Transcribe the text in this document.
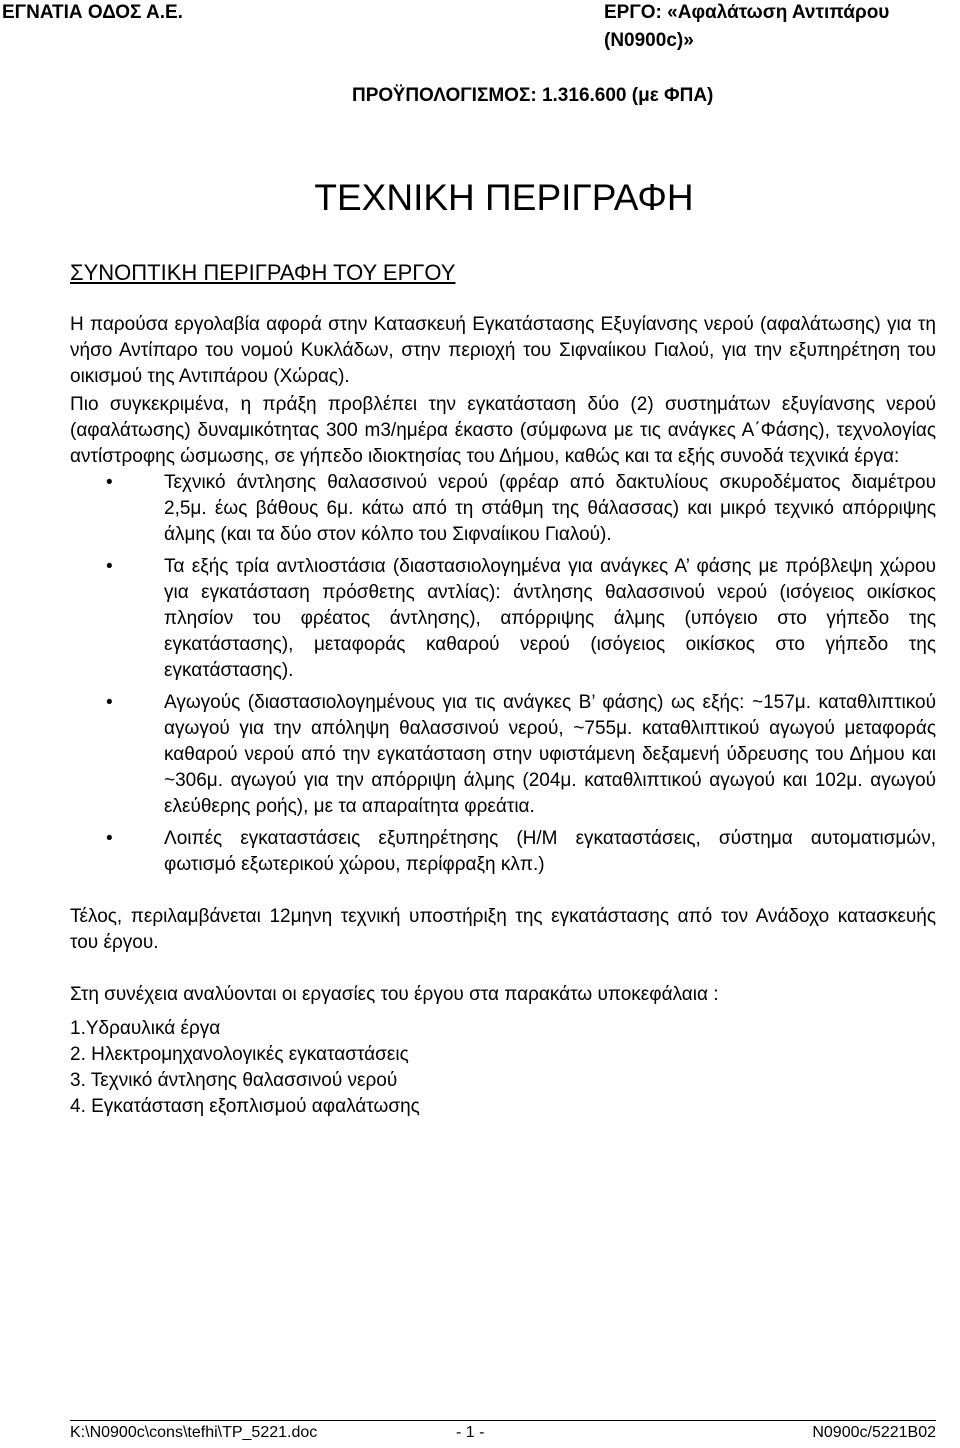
ΕΓΝΑΤΙΑ ΟΔΟΣ Α.Ε.	ΕΡΓΟ: «Αφαλάτωση Αντιπάρου
(Ν0900c)»
ΠΡΟΫΠΟΛΟΓΙΣΜΟΣ: 1.316.600 (με ΦΠΑ)
ΤΕΧΝΙΚΗ ΠΕΡΙΓΡΑΦΗ
ΣΥΝΟΠΤΙΚΗ ΠΕΡΙΓΡΑΦΗ ΤΟΥ ΕΡΓΟΥ

Η παρούσα εργολαβία αφορά στην Κατασκευή Εγκατάστασης Εξυγίανσης νερού (αφαλάτωσης) για τη νήσο Αντίπαρο του νομού Κυκλάδων, στην περιοχή του Σιφναίικου Γιαλού, για την εξυπηρέτηση του οικισμού της Αντιπάρου (Χώρας).

Πιο συγκεκριμένα, η πράξη προβλέπει την εγκατάσταση δύο (2) συστημάτων εξυγίανσης νερού (αφαλάτωσης) δυναμικότητας 300 m3/ημέρα έκαστο (σύμφωνα με τις ανάγκες Α΄Φάσης), τεχνολογίας αντίστροφης ώσμωσης, σε γήπεδο ιδιοκτησίας του Δήμου, καθώς και τα εξής συνοδά τεχνικά έργα:

•	Τεχνικό άντλησης θαλασσινού νερού (φρέαρ από δακτυλίους σκυροδέματος διαμέτρου 2,5μ. έως βάθους 6μ. κάτω από τη στάθμη της θάλασσας) και μικρό τεχνικό απόρριψης άλμης (και τα δύο στον κόλπο του Σιφναίικου Γιαλού).
•	Τα εξής τρία αντλιοστάσια (διαστασιολογημένα για ανάγκες Α’ φάσης με πρόβλεψη χώρου για εγκατάσταση πρόσθετης αντλίας): άντλησης θαλασσινού νερού (ισόγειος οικίσκος πλησίον του φρέατος άντλησης), απόρριψης άλμης (υπόγειο στο γήπεδο της εγκατάστασης), μεταφοράς καθαρού νερού (ισόγειος οικίσκος στο γήπεδο της εγκατάστασης).
•	Αγωγούς (διαστασιολογημένους για τις ανάγκες Β’ φάσης) ως εξής: ~157μ. καταθλιπτικού αγωγού για την απόληψη θαλασσινού νερού, ~755μ. καταθλιπτικού αγωγού μεταφοράς καθαρού νερού από την εγκατάσταση στην υφιστάμενη δεξαμενή ύδρευσης του Δήμου και ~306μ. αγωγού για την απόρριψη άλμης (204μ. καταθλιπτικού αγωγού και 102μ. αγωγού ελεύθερης ροής), με τα απαραίτητα φρεάτια.
•	Λοιπές εγκαταστάσεις εξυπηρέτησης (Η/Μ εγκαταστάσεις, σύστημα αυτοματισμών, φωτισμό εξωτερικού χώρου, περίφραξη κλπ.)

Τέλος, περιλαμβάνεται 12μηνη τεχνική υποστήριξη της εγκατάστασης από τον Ανάδοχο κατασκευής του έργου.

Στη συνέχεια αναλύονται οι εργασίες του έργου στα παρακάτω υποκεφάλαια :

1.Υδραυλικά έργα
2. Ηλεκτρομηχανολογικές εγκαταστάσεις
3. Τεχνικό άντλησης θαλασσινού νερού
4. Εγκατάσταση εξοπλισμού αφαλάτωσης
K:\N0900c\cons\tefhi\TP_5221.doc	- 1 -	N0900c/5221B02
